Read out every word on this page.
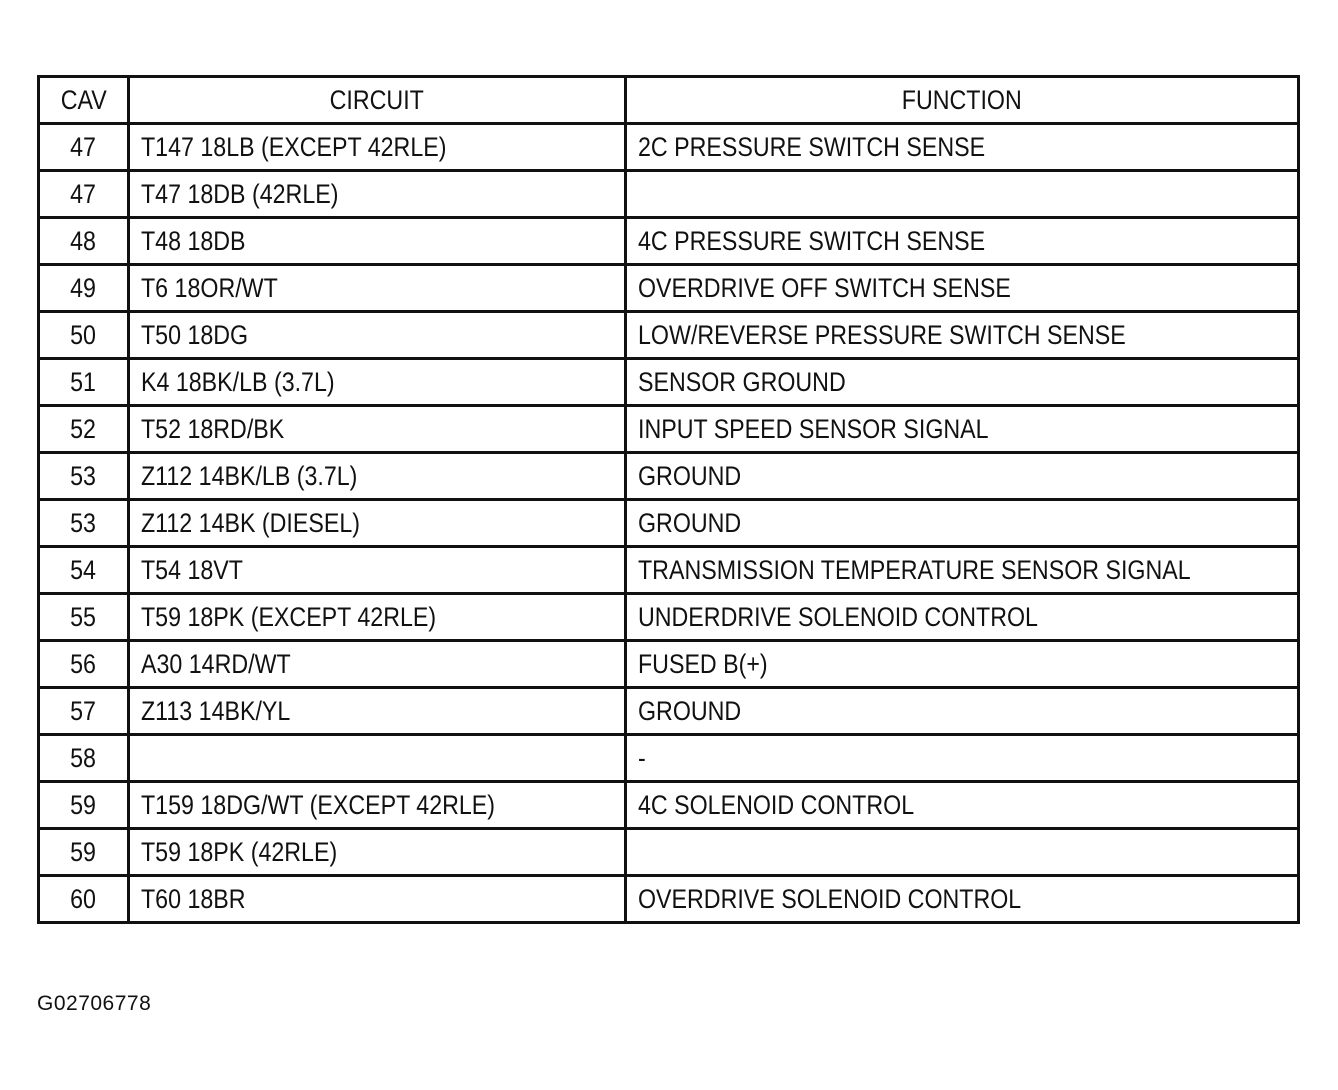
CAV	CIRCUIT	FUNCTION
47	T147 18LB (EXCEPT 42RLE)	2C PRESSURE SWITCH SENSE
47	T47 18DB (42RLE)	
48	T48 18DB	4C PRESSURE SWITCH SENSE
49	T6 18OR/WT	OVERDRIVE OFF SWITCH SENSE
50	T50 18DG	LOW/REVERSE PRESSURE SWITCH SENSE
51	K4 18BK/LB (3.7L)	SENSOR GROUND
52	T52 18RD/BK	INPUT SPEED SENSOR SIGNAL
53	Z112 14BK/LB (3.7L)	GROUND
53	Z112 14BK (DIESEL)	GROUND
54	T54 18VT	TRANSMISSION TEMPERATURE SENSOR SIGNAL
55	T59 18PK (EXCEPT 42RLE)	UNDERDRIVE SOLENOID CONTROL
56	A30 14RD/WT	FUSED B(+)
57	Z113 14BK/YL	GROUND
58		-
59	T159 18DG/WT (EXCEPT 42RLE)	4C SOLENOID CONTROL
59	T59 18PK (42RLE)	
60	T60 18BR	OVERDRIVE SOLENOID CONTROL
G02706778
